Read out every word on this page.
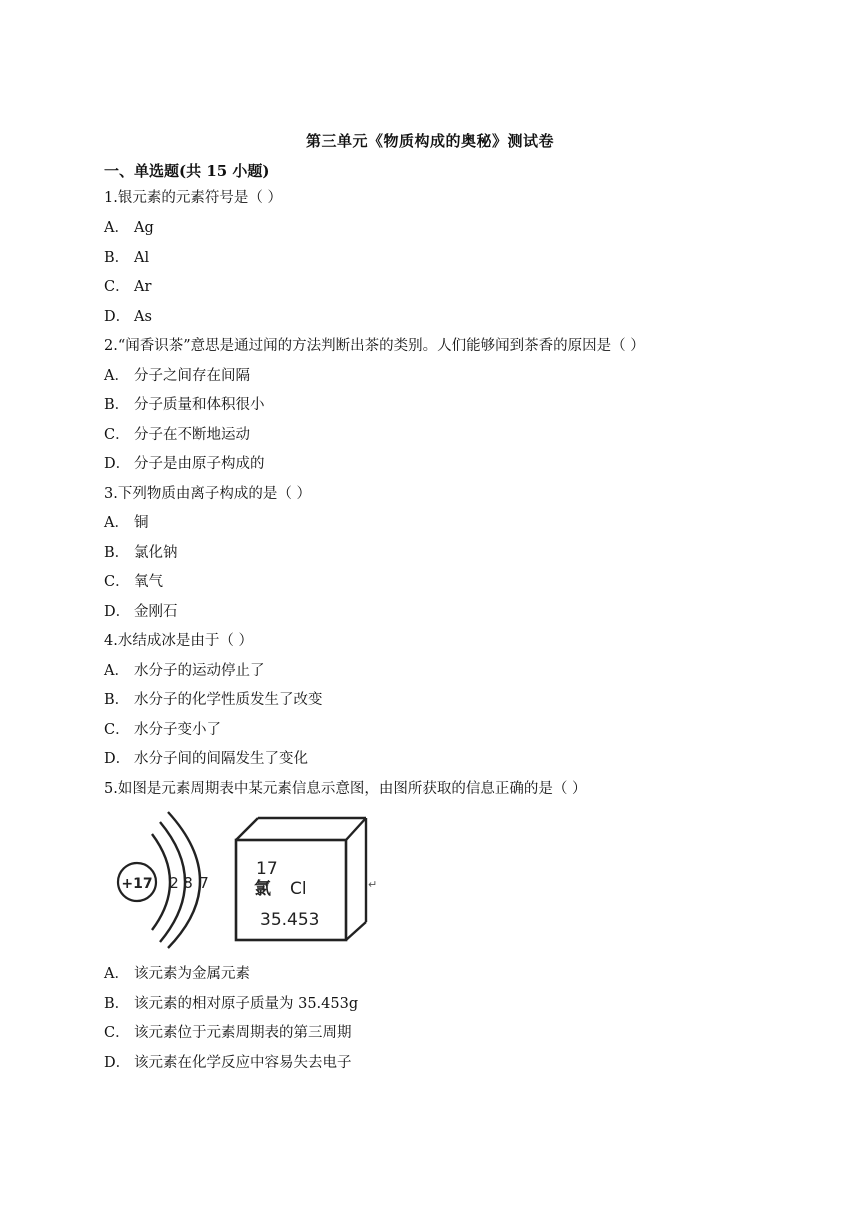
第三单元《物质构成的奥秘》测试卷
一、单选题(共 15 小题)
1.银元素的元素符号是（ ）
A． Ag
B． Al
C． Ar
D． As
2.“闻香识茶”意思是通过闻的方法判断出茶的类别。人们能够闻到茶香的原因是（ ）
A． 分子之间存在间隔
B． 分子质量和体积很小
C． 分子在不断地运动
D． 分子是由原子构成的
3.下列物质由离子构成的是（ ）
A． 铜
B． 氯化钠
C． 氧气
D． 金刚石
4.水结成冰是由于（ ）
A． 水分子的运动停止了
B． 水分子的化学性质发生了改变
C． 水分子变小了
D． 水分子间的间隔发生了变化
5.如图是元素周期表中某元素信息示意图，由图所获取的信息正确的是（ ）
+17 2 8 7
17
氯 Cl
35.453
↵
A． 该元素为金属元素
B． 该元素的相对原子质量为 35.453g
C． 该元素位于元素周期表的第三周期
D． 该元素在化学反应中容易失去电子
